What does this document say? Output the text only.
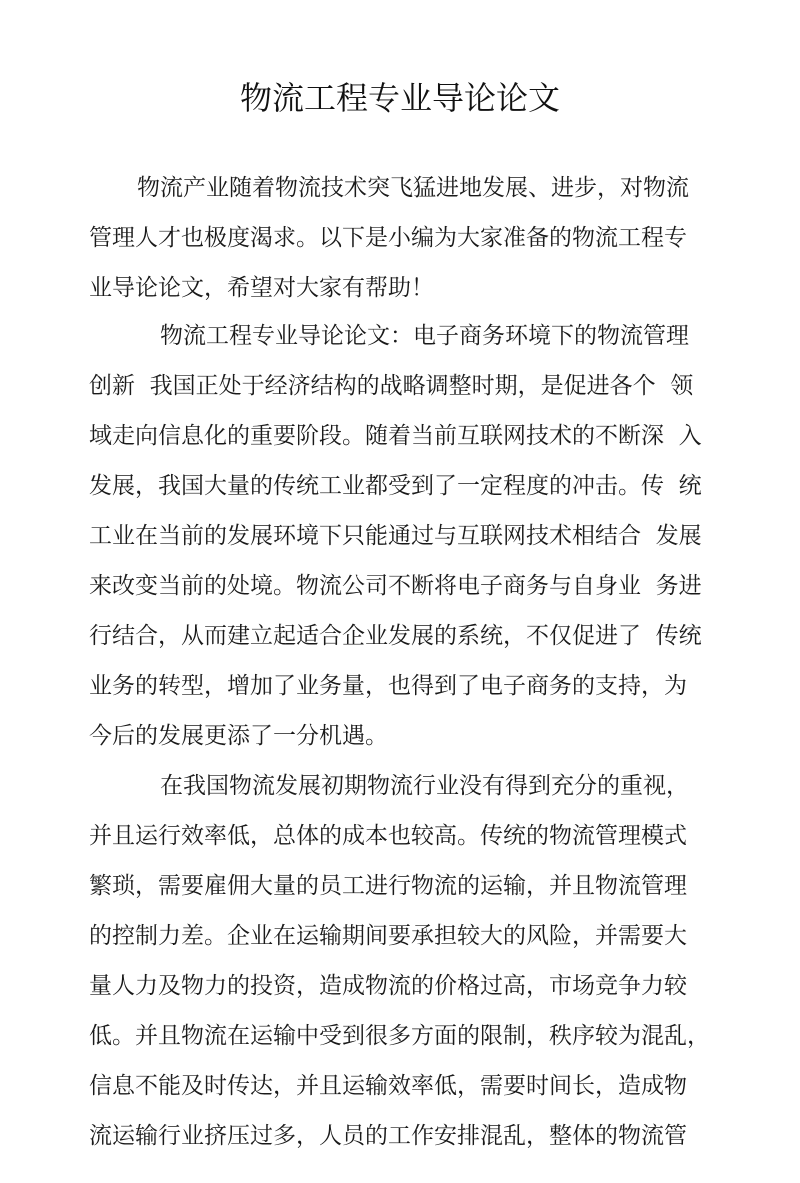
物流工程专业导论论文
物流产业随着物流技术突飞猛进地发展、进步，对物流
管理人才也极度渴求。以下是小编为大家准备的物流工程专
业导论论文，希望对大家有帮助！
物流工程专业导论论文：电子商务环境下的物流管理
创新  我国正处于经济结构的战略调整时期，是促进各个  领
域走向信息化的重要阶段。随着当前互联网技术的不断深  入
发展，我国大量的传统工业都受到了一定程度的冲击。传  统
工业在当前的发展环境下只能通过与互联网技术相结合  发展
来改变当前的处境。物流公司不断将电子商务与自身业  务进
行结合，从而建立起适合企业发展的系统，不仅促进了  传统
业务的转型，增加了业务量，也得到了电子商务的支持，为
今后的发展更添了一分机遇。
在我国物流发展初期物流行业没有得到充分的重视，
并且运行效率低，总体的成本也较高。传统的物流管理模式
繁琐，需要雇佣大量的员工进行物流的运输，并且物流管理
的控制力差。企业在运输期间要承担较大的风险，并需要大
量人力及物力的投资，造成物流的价格过高，市场竞争力较
低。并且物流在运输中受到很多方面的限制，秩序较为混乱，
信息不能及时传达，并且运输效率低，需要时间长，造成物
流运输行业挤压过多，人员的工作安排混乱，整体的物流管
